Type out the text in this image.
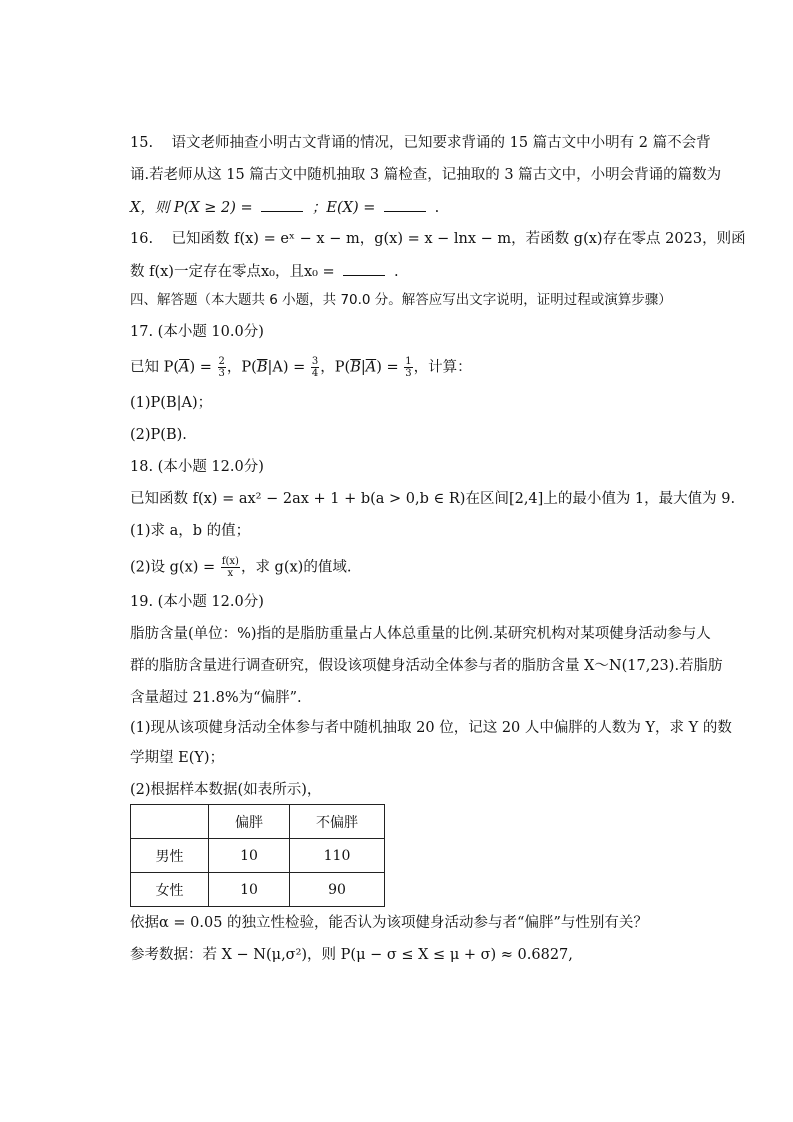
15. 语文老师抽查小明古文背诵的情况，已知要求背诵的 15 篇古文中小明有 2 篇不会背
诵.若老师从这 15 篇古文中随机抽取 3 篇检查，记抽取的 3 篇古文中，小明会背诵的篇数为
X，则 P(X ≥ 2) =	；E(X) =	.
16. 已知函数 f(x) = eˣ − x − m，g(x) = x − lnx − m，若函数 g(x)存在零点 2023，则函
数 f(x)一定存在零点x₀，且x₀ =	.
四、解答题（本大题共 6 小题，共 70.0 分。解答应写出文字说明，证明过程或演算步骤）
17. (本小题 10.0分)
已知 $P(\overline{A}) = \frac{2}{3}$ ，$P(\overline{B}|A) = \frac{3}{4}$ ，$P(\overline{B}|\overline{A}) = \frac{1}{3}$ ，计算：
(1)P(B|A)；
(2)P(B).
18. (本小题 12.0分)
已知函数 f(x) = ax² − 2ax + 1 + b(a > 0,b ∈ R)在区间[2,4]上的最小值为 1，最大值为 9.
(1)求 a，b 的值；
(2)设 $g(x) = \frac{f(x)}{x}$ ，求 g(x)的值域.
19. (本小题 12.0分)
脂肪含量(单位：%)指的是脂肪重量占人体总重量的比例.某研究机构对某项健身活动参与人
群的脂肪含量进行调查研究，假设该项健身活动全体参与者的脂肪含量 X～N(17,23).若脂肪
含量超过 21.8%为“偏胖”.
(1)现从该项健身活动全体参与者中随机抽取 20 位，记这 20 人中偏胖的人数为 Y，求 Y 的数
学期望 E(Y)；
(2)根据样本数据(如表所示)，
	偏胖	不偏胖
男性	10	110
女性	10	90
依据α = 0.05 的独立性检验，能否认为该项健身活动参与者“偏胖”与性别有关？
参考数据：若 X − N(μ,σ²)，则 P(μ − σ ≤ X ≤ μ + σ) ≈ 0.6827,
